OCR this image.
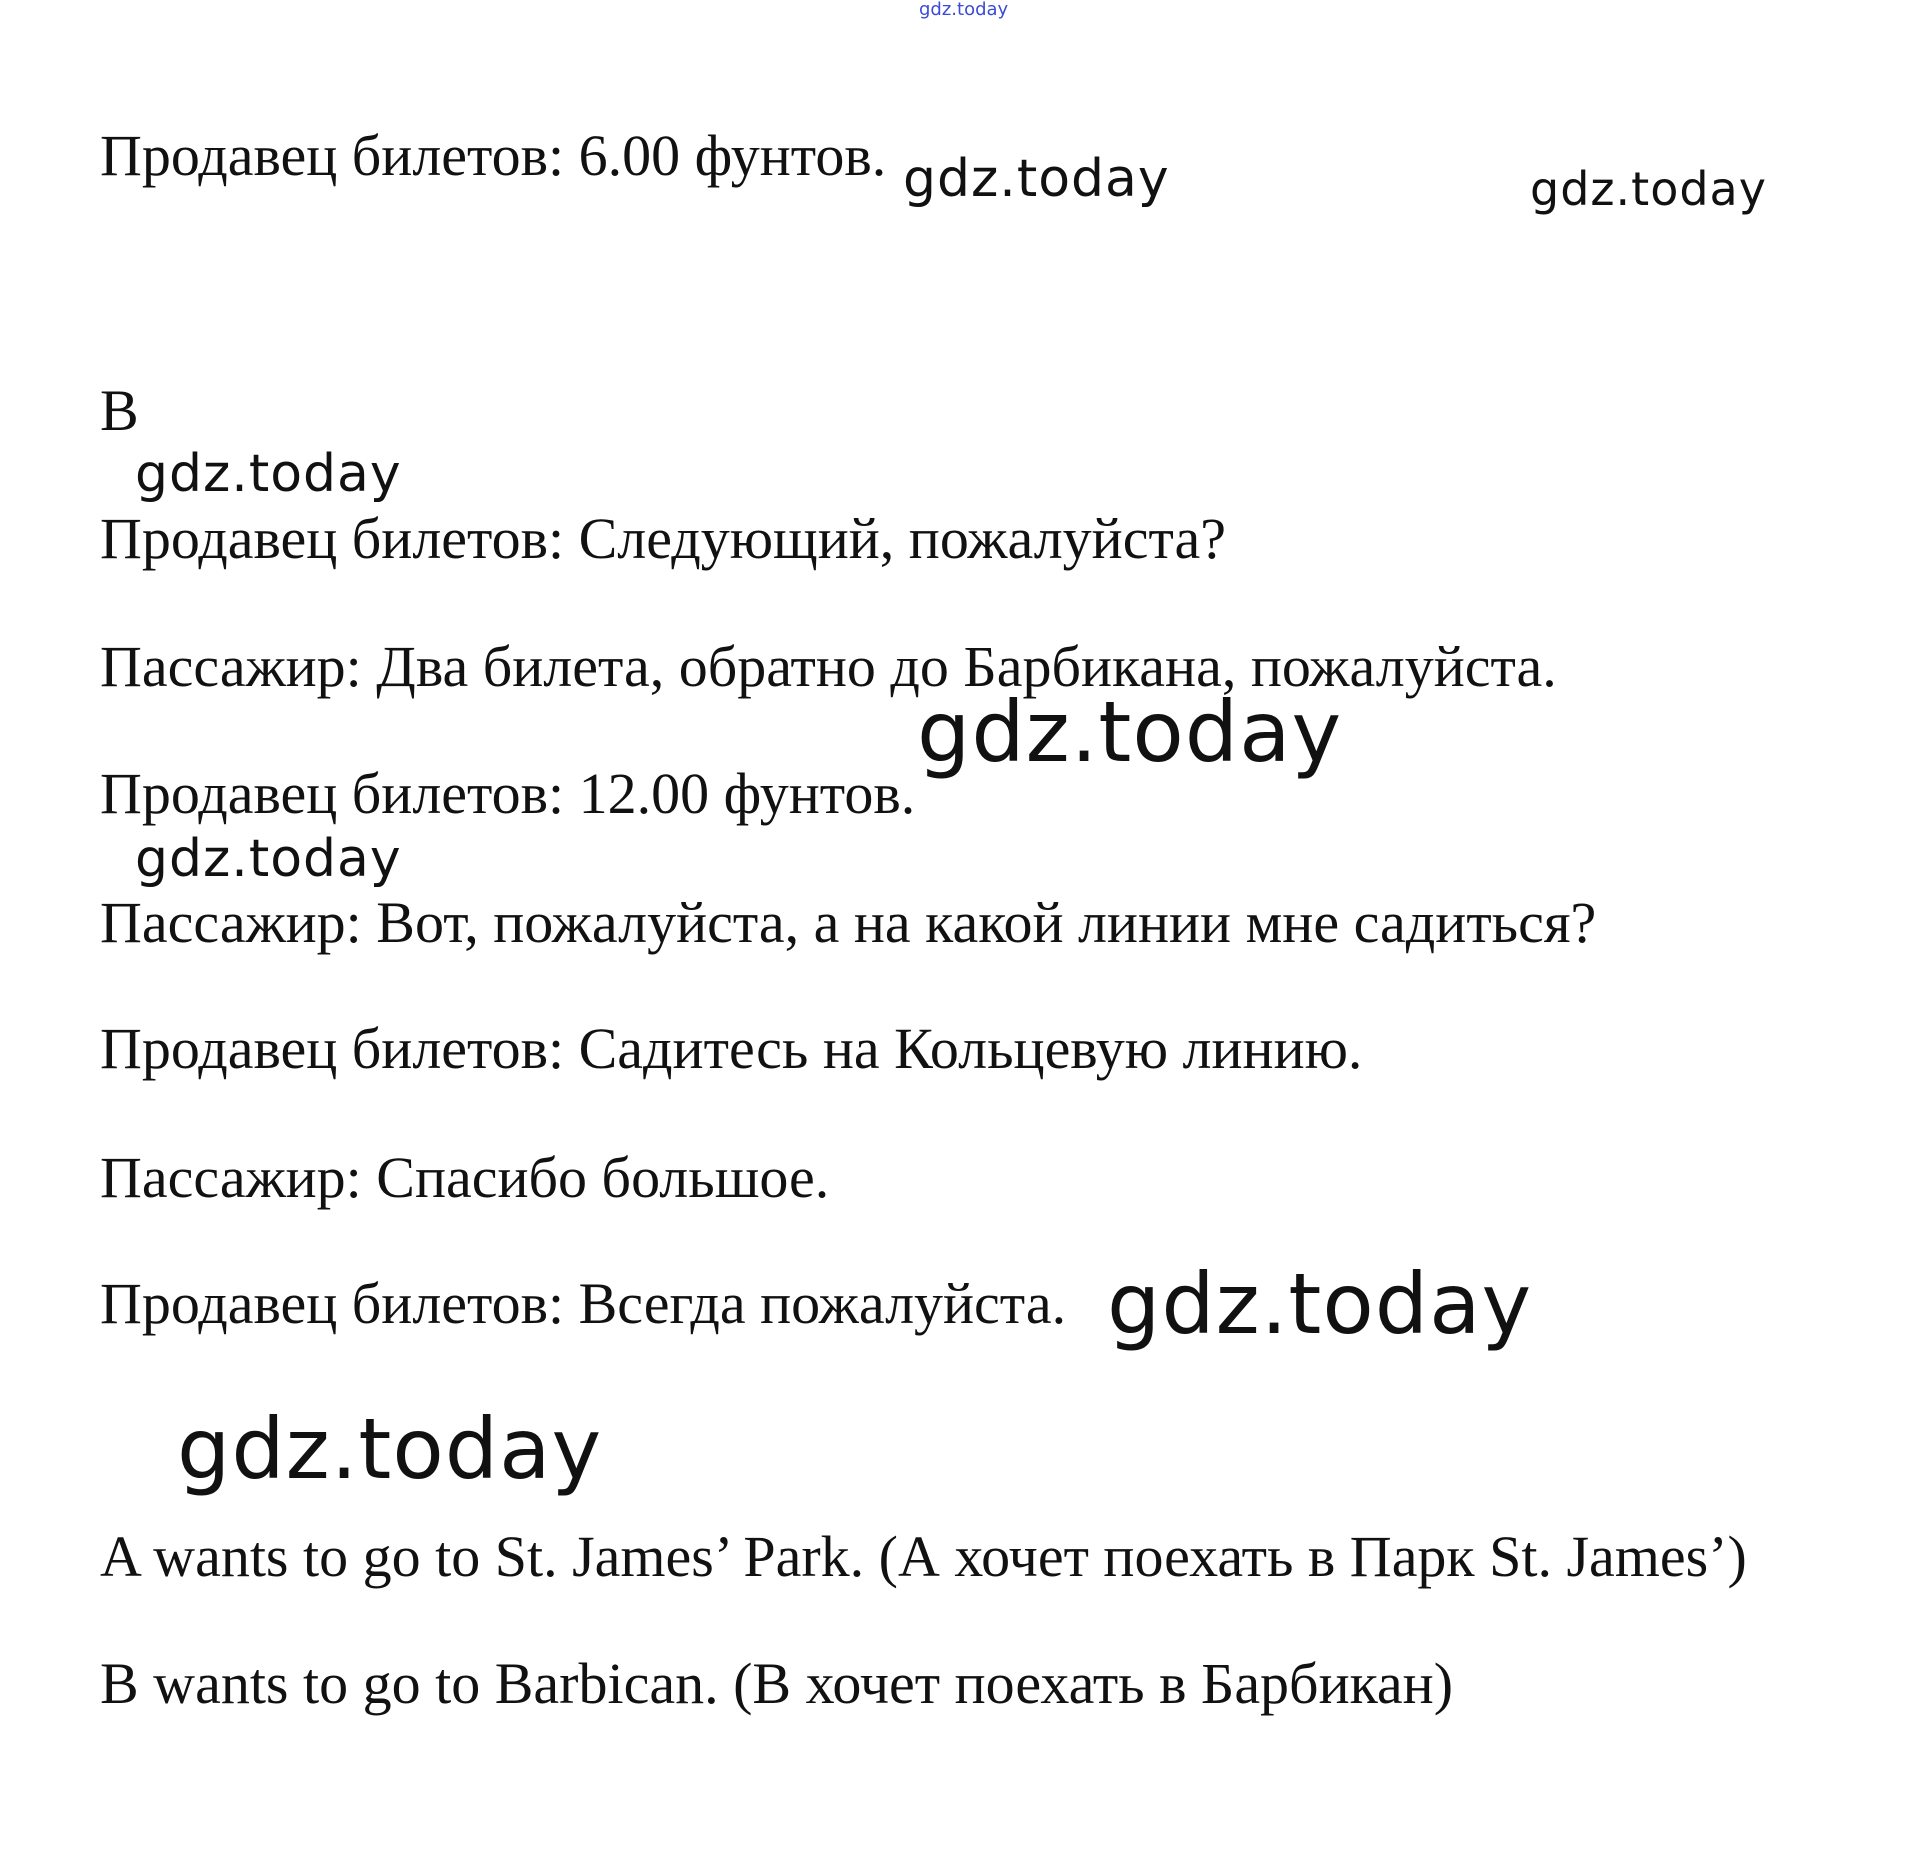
gdz.today

Продавец билетов: 6.00 фунтов. gdz.today	gdz.today

B

gdz.today

Продавец билетов: Следующий, пожалуйста?

Пассажир: Два билета, обратно до Барбикана, пожалуйста.

gdz.today

Продавец билетов: 12.00 фунтов.

gdz.today

Пассажир: Вот, пожалуйста, а на какой линии мне садиться?

Продавец билетов: Садитесь на Кольцевую линию.

Пассажир: Спасибо большое.

Продавец билетов: Всегда пожалуйста. gdz.today
gdz.today

A wants to go to St. James’ Park. (А хочет поехать в Парк St. James’)

B wants to go to Barbican. (В хочет поехать в Барбикан)
